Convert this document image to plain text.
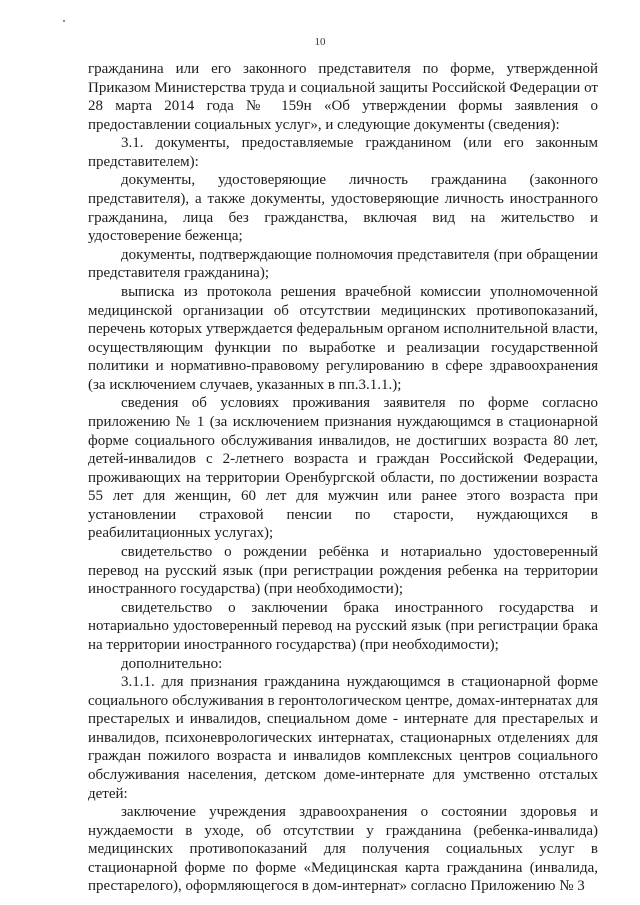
10

гражданина или его законного представителя по форме, утвержденной Приказом Министерства труда и социальной защиты Российской Федерации от 28 марта 2014 года № 159н «Об утверждении формы заявления о предоставлении социальных услуг», и следующие документы (сведения):

3.1. документы, предоставляемые гражданином (или его законным представителем):

документы, удостоверяющие личность гражданина (законного представителя), а также документы, удостоверяющие личность иностранного гражданина, лица без гражданства, включая вид на жительство и удостоверение беженца;

документы, подтверждающие полномочия представителя (при обращении представителя гражданина);

выписка из протокола решения врачебной комиссии уполномоченной медицинской организации об отсутствии медицинских противопоказаний, перечень которых утверждается федеральным органом исполнительной власти, осуществляющим функции по выработке и реализации государственной политики и нормативно-правовому регулированию в сфере здравоохранения (за исключением случаев, указанных в пп.3.1.1.);

сведения об условиях проживания заявителя по форме согласно приложению № 1 (за исключением признания нуждающимся в стационарной форме социального обслуживания инвалидов, не достигших возраста 80 лет, детей-инвалидов с 2-летнего возраста и граждан Российской Федерации, проживающих на территории Оренбургской области, по достижении возраста 55 лет для женщин, 60 лет для мужчин или ранее этого возраста при установлении страховой пенсии по старости, нуждающихся в реабилитационных услугах);

свидетельство о рождении ребёнка и нотариально удостоверенный перевод на русский язык (при регистрации рождения ребенка на территории иностранного государства) (при необходимости);

свидетельство о заключении брака иностранного государства и нотариально удостоверенный перевод на русский язык (при регистрации брака на территории иностранного государства) (при необходимости);

дополнительно:

3.1.1. для признания гражданина нуждающимся в стационарной форме социального обслуживания в геронтологическом центре, домах-интернатах для престарелых и инвалидов, специальном доме - интернате для престарелых и инвалидов, психоневрологических интернатах, стационарных отделениях для граждан пожилого возраста и инвалидов комплексных центров социального обслуживания населения, детском доме-интернате для умственно отсталых детей:

заключение учреждения здравоохранения о состоянии здоровья и нуждаемости в уходе, об отсутствии у гражданина (ребенка-инвалида) медицинских противопоказаний для получения социальных услуг в стационарной форме по форме «Медицинская карта гражданина (инвалида, престарелого), оформляющегося в дом-интернат» согласно Приложению № 3
